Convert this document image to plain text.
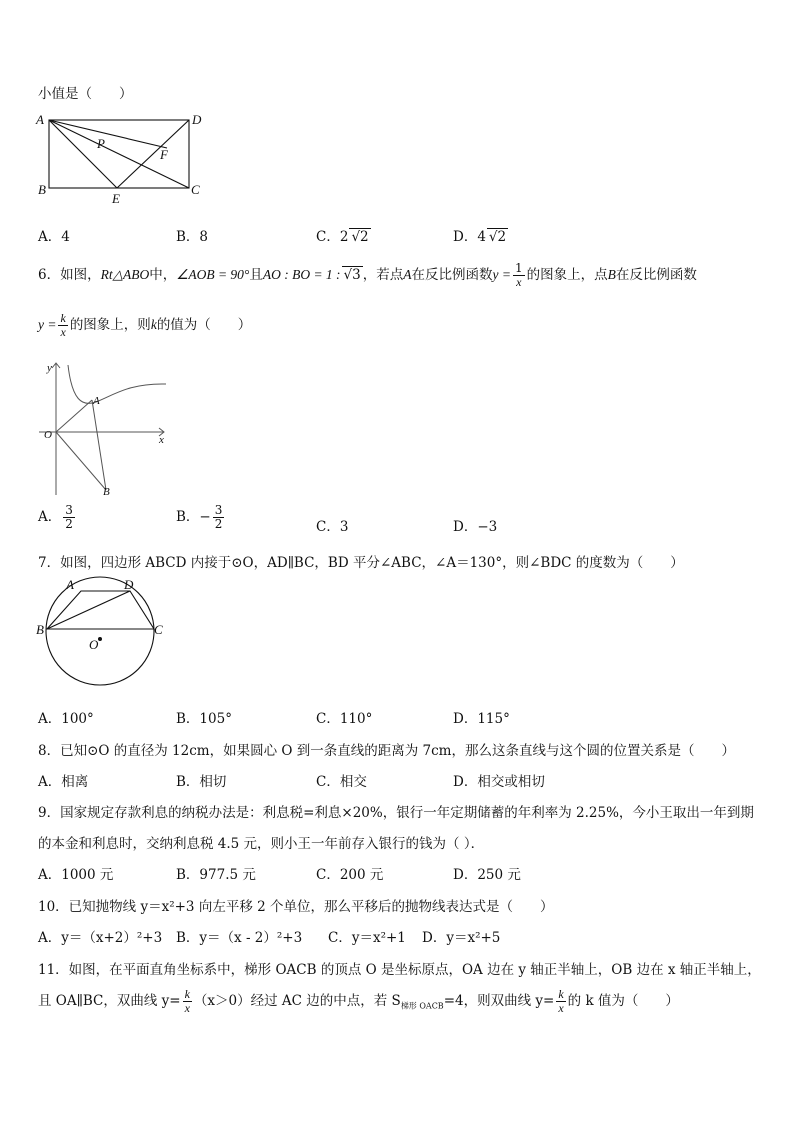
小值是（　　）
A	D
P
F
B
E
C
A．4	B．8	C．2 √2	D．4 √2
6．如图，Rt△ABO中，∠AOB = 90°且AO : BO = 1 : √3 ，若点A在反比例函数$y = \frac{1}{x}$ 的图象上，点B在反比例函数
$y = \frac{k}{x}$ 的图象上，则k的值为（　　）
y
x
O
A
B
A． $\frac{3}{2}$	B．− $\frac{3}{2}$	C．3	D．−3
7．如图，四边形 ABCD 内接于⊙O，AD∥BC，BD 平分∠ABC，∠A＝130°，则∠BDC 的度数为（　　）
A	D
B	C
O
A．100°	B．105°	C．110°	D．115°
8．已知⊙O 的直径为 12cm，如果圆心 O 到一条直线的距离为 7cm，那么这条直线与这个圆的位置关系是（　　）
A．相离	B．相切	C．相交	D．相交或相切
9．国家规定存款利息的纳税办法是：利息税=利息×20%，银行一年定期储蓄的年利率为 2.25%，今小王取出一年到期
的本金和利息时，交纳利息税 4.5 元，则小王一年前存入银行的钱为（ ）．
A．1000 元	B．977.5 元	C．200 元	D．250 元
10．已知抛物线 y＝x²+3 向左平移 2 个单位，那么平移后的抛物线表达式是（　　）
A．y＝（x+2）²+3 B．y＝（x - 2）²+3 C．y＝x²+1 D．y＝x²+5
11．如图，在平面直角坐标系中，梯形 OACB 的顶点 O 是坐标原点，OA 边在 y 轴正半轴上，OB 边在 x 轴正半轴上，
且 OA∥BC，双曲线 $y= \frac{k}{x} (x>0)$经过 AC 边的中点，若 $S_{梯形 OACB}=4$，则双曲线 $y= \frac{k}{x}$ 的 k 值为（　　）
